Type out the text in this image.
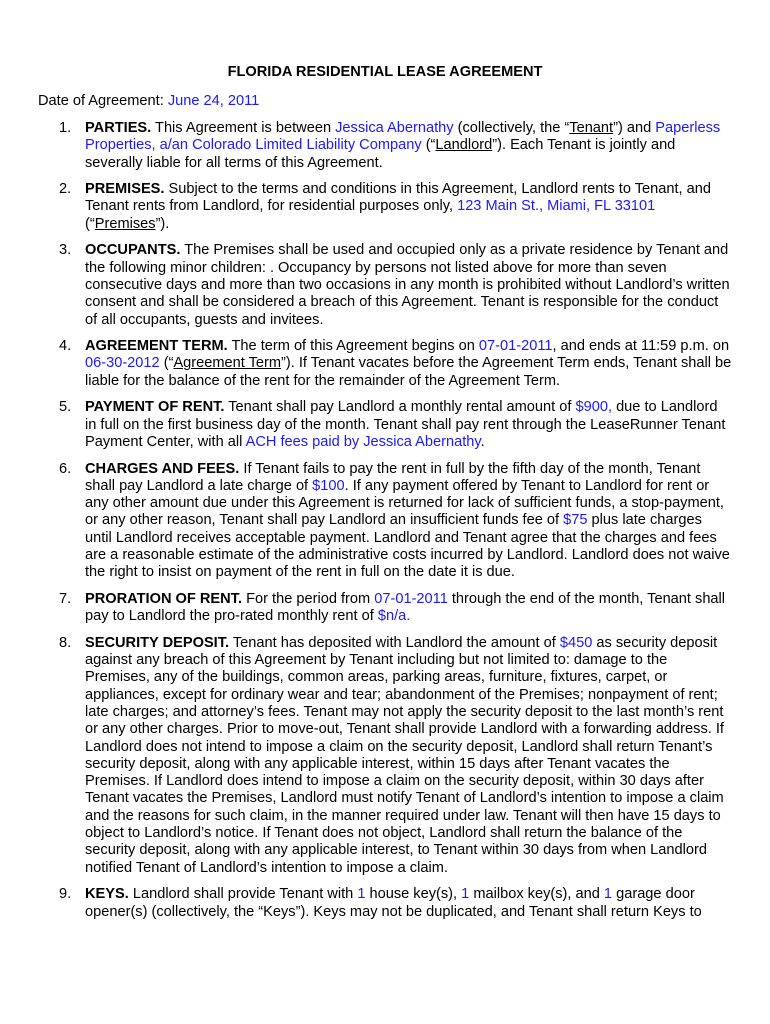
FLORIDA RESIDENTIAL LEASE AGREEMENT
Date of Agreement: June 24, 2011
1. PARTIES. This Agreement is between Jessica Abernathy (collectively, the “Tenant”) and Paperless Properties, a/an Colorado Limited Liability Company (“Landlord”). Each Tenant is jointly and severally liable for all terms of this Agreement.
2. PREMISES. Subject to the terms and conditions in this Agreement, Landlord rents to Tenant, and Tenant rents from Landlord, for residential purposes only, 123 Main St., Miami, FL 33101 (“Premises”).
3. OCCUPANTS. The Premises shall be used and occupied only as a private residence by Tenant and the following minor children: . Occupancy by persons not listed above for more than seven consecutive days and more than two occasions in any month is prohibited without Landlord’s written consent and shall be considered a breach of this Agreement. Tenant is responsible for the conduct of all occupants, guests and invitees.
4. AGREEMENT TERM. The term of this Agreement begins on 07-01-2011, and ends at 11:59 p.m. on 06-30-2012 (“Agreement Term”). If Tenant vacates before the Agreement Term ends, Tenant shall be liable for the balance of the rent for the remainder of the Agreement Term.
5. PAYMENT OF RENT. Tenant shall pay Landlord a monthly rental amount of $900, due to Landlord in full on the first business day of the month. Tenant shall pay rent through the LeaseRunner Tenant Payment Center, with all ACH fees paid by Jessica Abernathy.
6. CHARGES AND FEES. If Tenant fails to pay the rent in full by the fifth day of the month, Tenant shall pay Landlord a late charge of $100. If any payment offered by Tenant to Landlord for rent or any other amount due under this Agreement is returned for lack of sufficient funds, a stop-payment, or any other reason, Tenant shall pay Landlord an insufficient funds fee of $75 plus late charges until Landlord receives acceptable payment. Landlord and Tenant agree that the charges and fees are a reasonable estimate of the administrative costs incurred by Landlord. Landlord does not waive the right to insist on payment of the rent in full on the date it is due.
7. PRORATION OF RENT. For the period from 07-01-2011 through the end of the month, Tenant shall pay to Landlord the pro-rated monthly rent of $n/a.
8. SECURITY DEPOSIT. Tenant has deposited with Landlord the amount of $450 as security deposit against any breach of this Agreement by Tenant including but not limited to: damage to the Premises, any of the buildings, common areas, parking areas, furniture, fixtures, carpet, or appliances, except for ordinary wear and tear; abandonment of the Premises; nonpayment of rent; late charges; and attorney’s fees. Tenant may not apply the security deposit to the last month’s rent or any other charges. Prior to move-out, Tenant shall provide Landlord with a forwarding address. If Landlord does not intend to impose a claim on the security deposit, Landlord shall return Tenant’s security deposit, along with any applicable interest, within 15 days after Tenant vacates the Premises. If Landlord does intend to impose a claim on the security deposit, within 30 days after Tenant vacates the Premises, Landlord must notify Tenant of Landlord’s intention to impose a claim and the reasons for such claim, in the manner required under law. Tenant will then have 15 days to object to Landlord’s notice. If Tenant does not object, Landlord shall return the balance of the security deposit, along with any applicable interest, to Tenant within 30 days from when Landlord notified Tenant of Landlord’s intention to impose a claim.
9. KEYS. Landlord shall provide Tenant with 1 house key(s), 1 mailbox key(s), and 1 garage door opener(s) (collectively, the “Keys”). Keys may not be duplicated, and Tenant shall return Keys to
